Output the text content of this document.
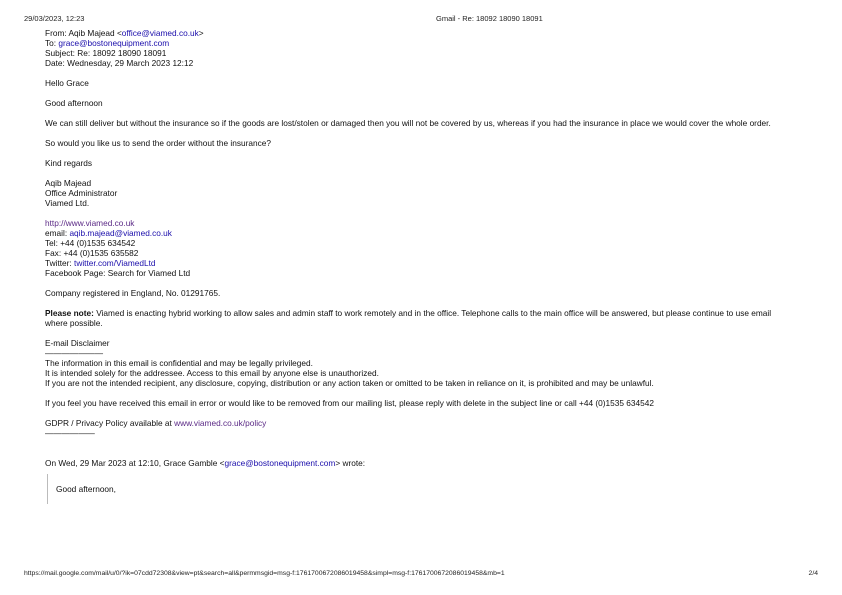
29/03/2023, 12:23	Gmail - Re: 18092 18090 18091
From: Aqib Majead <office@viamed.co.uk>
To: grace@bostonequipment.com
Subject: Re: 18092 18090 18091
Date: Wednesday, 29 March 2023 12:12
Hello Grace
Good afternoon

We can still deliver but without the insurance so if the goods are lost/stolen or damaged then you will not be covered by us, whereas if you had the insurance in place we would cover the whole order.

So would you like us to send the order without the insurance?
Kind regards
Aqib Majead
Office Administrator
Viamed Ltd.
http://www.viamed.co.uk
email: aqib.majead@viamed.co.uk
Tel: +44 (0)1535 634542
Fax: +44 (0)1535 635582
Twitter: twitter.com/ViamedLtd
Facebook Page: Search for Viamed Ltd
Company registered in England, No. 01291765.

Please note: Viamed is enacting hybrid working to allow sales and admin staff to work remotely and in the office. Telephone calls to the main office will be answered, but please continue to use email where possible.

E-mail Disclaimer
———————
The information in this email is confidential and may be legally privileged.
It is intended solely for the addressee. Access to this email by anyone else is unauthorized.
If you are not the intended recipient, any disclosure, copying, distribution or any action taken or omitted to be taken in reliance on it, is prohibited and may be unlawful.
If you feel you have received this email in error or would like to be removed from our mailing list, please reply with delete in the subject line or call +44 (0)1535 634542
GDPR / Privacy Policy available at www.viamed.co.uk/policy
——————
On Wed, 29 Mar 2023 at 12:10, Grace Gamble <grace@bostonequipment.com> wrote:
Good afternoon,
https://mail.google.com/mail/u/0/?ik=07cdd72308&view=pt&search=all&permmsgid=msg-f:1761700672086019458&simpl=msg-f:1761700672086019458&mb=1	2/4
